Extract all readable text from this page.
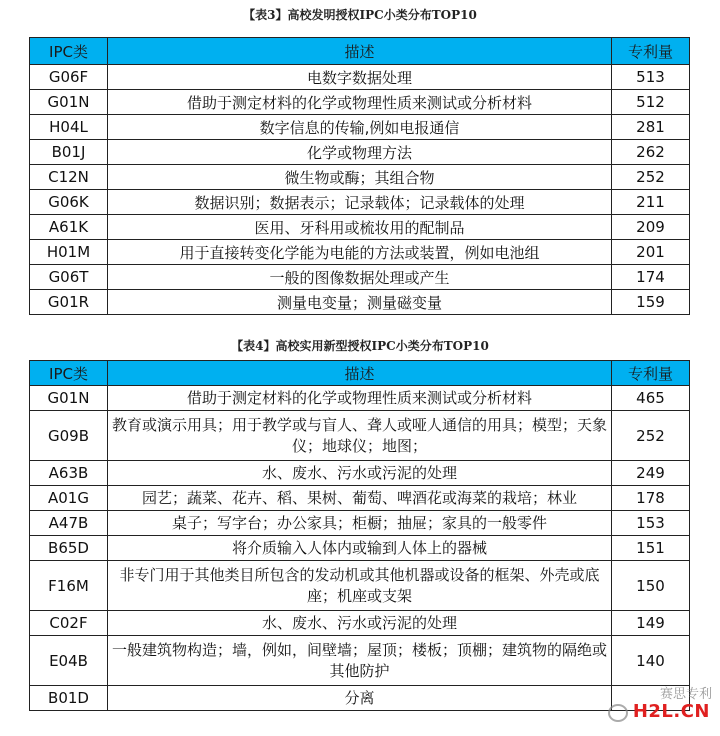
【表3】高校发明授权IPC小类分布TOP10
IPC类	描述	专利量
G06F	电数字数据处理	513
G01N	借助于测定材料的化学或物理性质来测试或分析材料	512
H04L	数字信息的传输,例如电报通信	281
B01J	化学或物理方法	262
C12N	微生物或酶；其组合物	252
G06K	数据识别；数据表示；记录载体；记录载体的处理	211
A61K	医用、牙科用或梳妆用的配制品	209
H01M	用于直接转变化学能为电能的方法或装置，例如电池组	201
G06T	一般的图像数据处理或产生	174
G01R	测量电变量；测量磁变量	159
【表4】高校实用新型授权IPC小类分布TOP10
IPC类	描述	专利量
G01N	借助于测定材料的化学或物理性质来测试或分析材料	465
G09B	教育或演示用具；用于教学或与盲人、聋人或哑人通信的用具；模型；天象仪；地球仪；地图；	252
A63B	水、废水、污水或污泥的处理	249
A01G	园艺；蔬菜、花卉、稻、果树、葡萄、啤酒花或海菜的栽培；林业	178
A47B	桌子；写字台；办公家具；柜橱；抽屉；家具的一般零件	153
B65D	将介质输入人体内或输到人体上的器械	151
F16M	非专门用于其他类目所包含的发动机或其他机器或设备的框架、外壳或底座；机座或支架	150
C02F	水、废水、污水或污泥的处理	149
E04B	一般建筑物构造；墙，例如，间壁墙；屋顶；楼板；顶棚；建筑物的隔绝或其他防护	140
B01D	分离		赛思专利
H2L.CN
